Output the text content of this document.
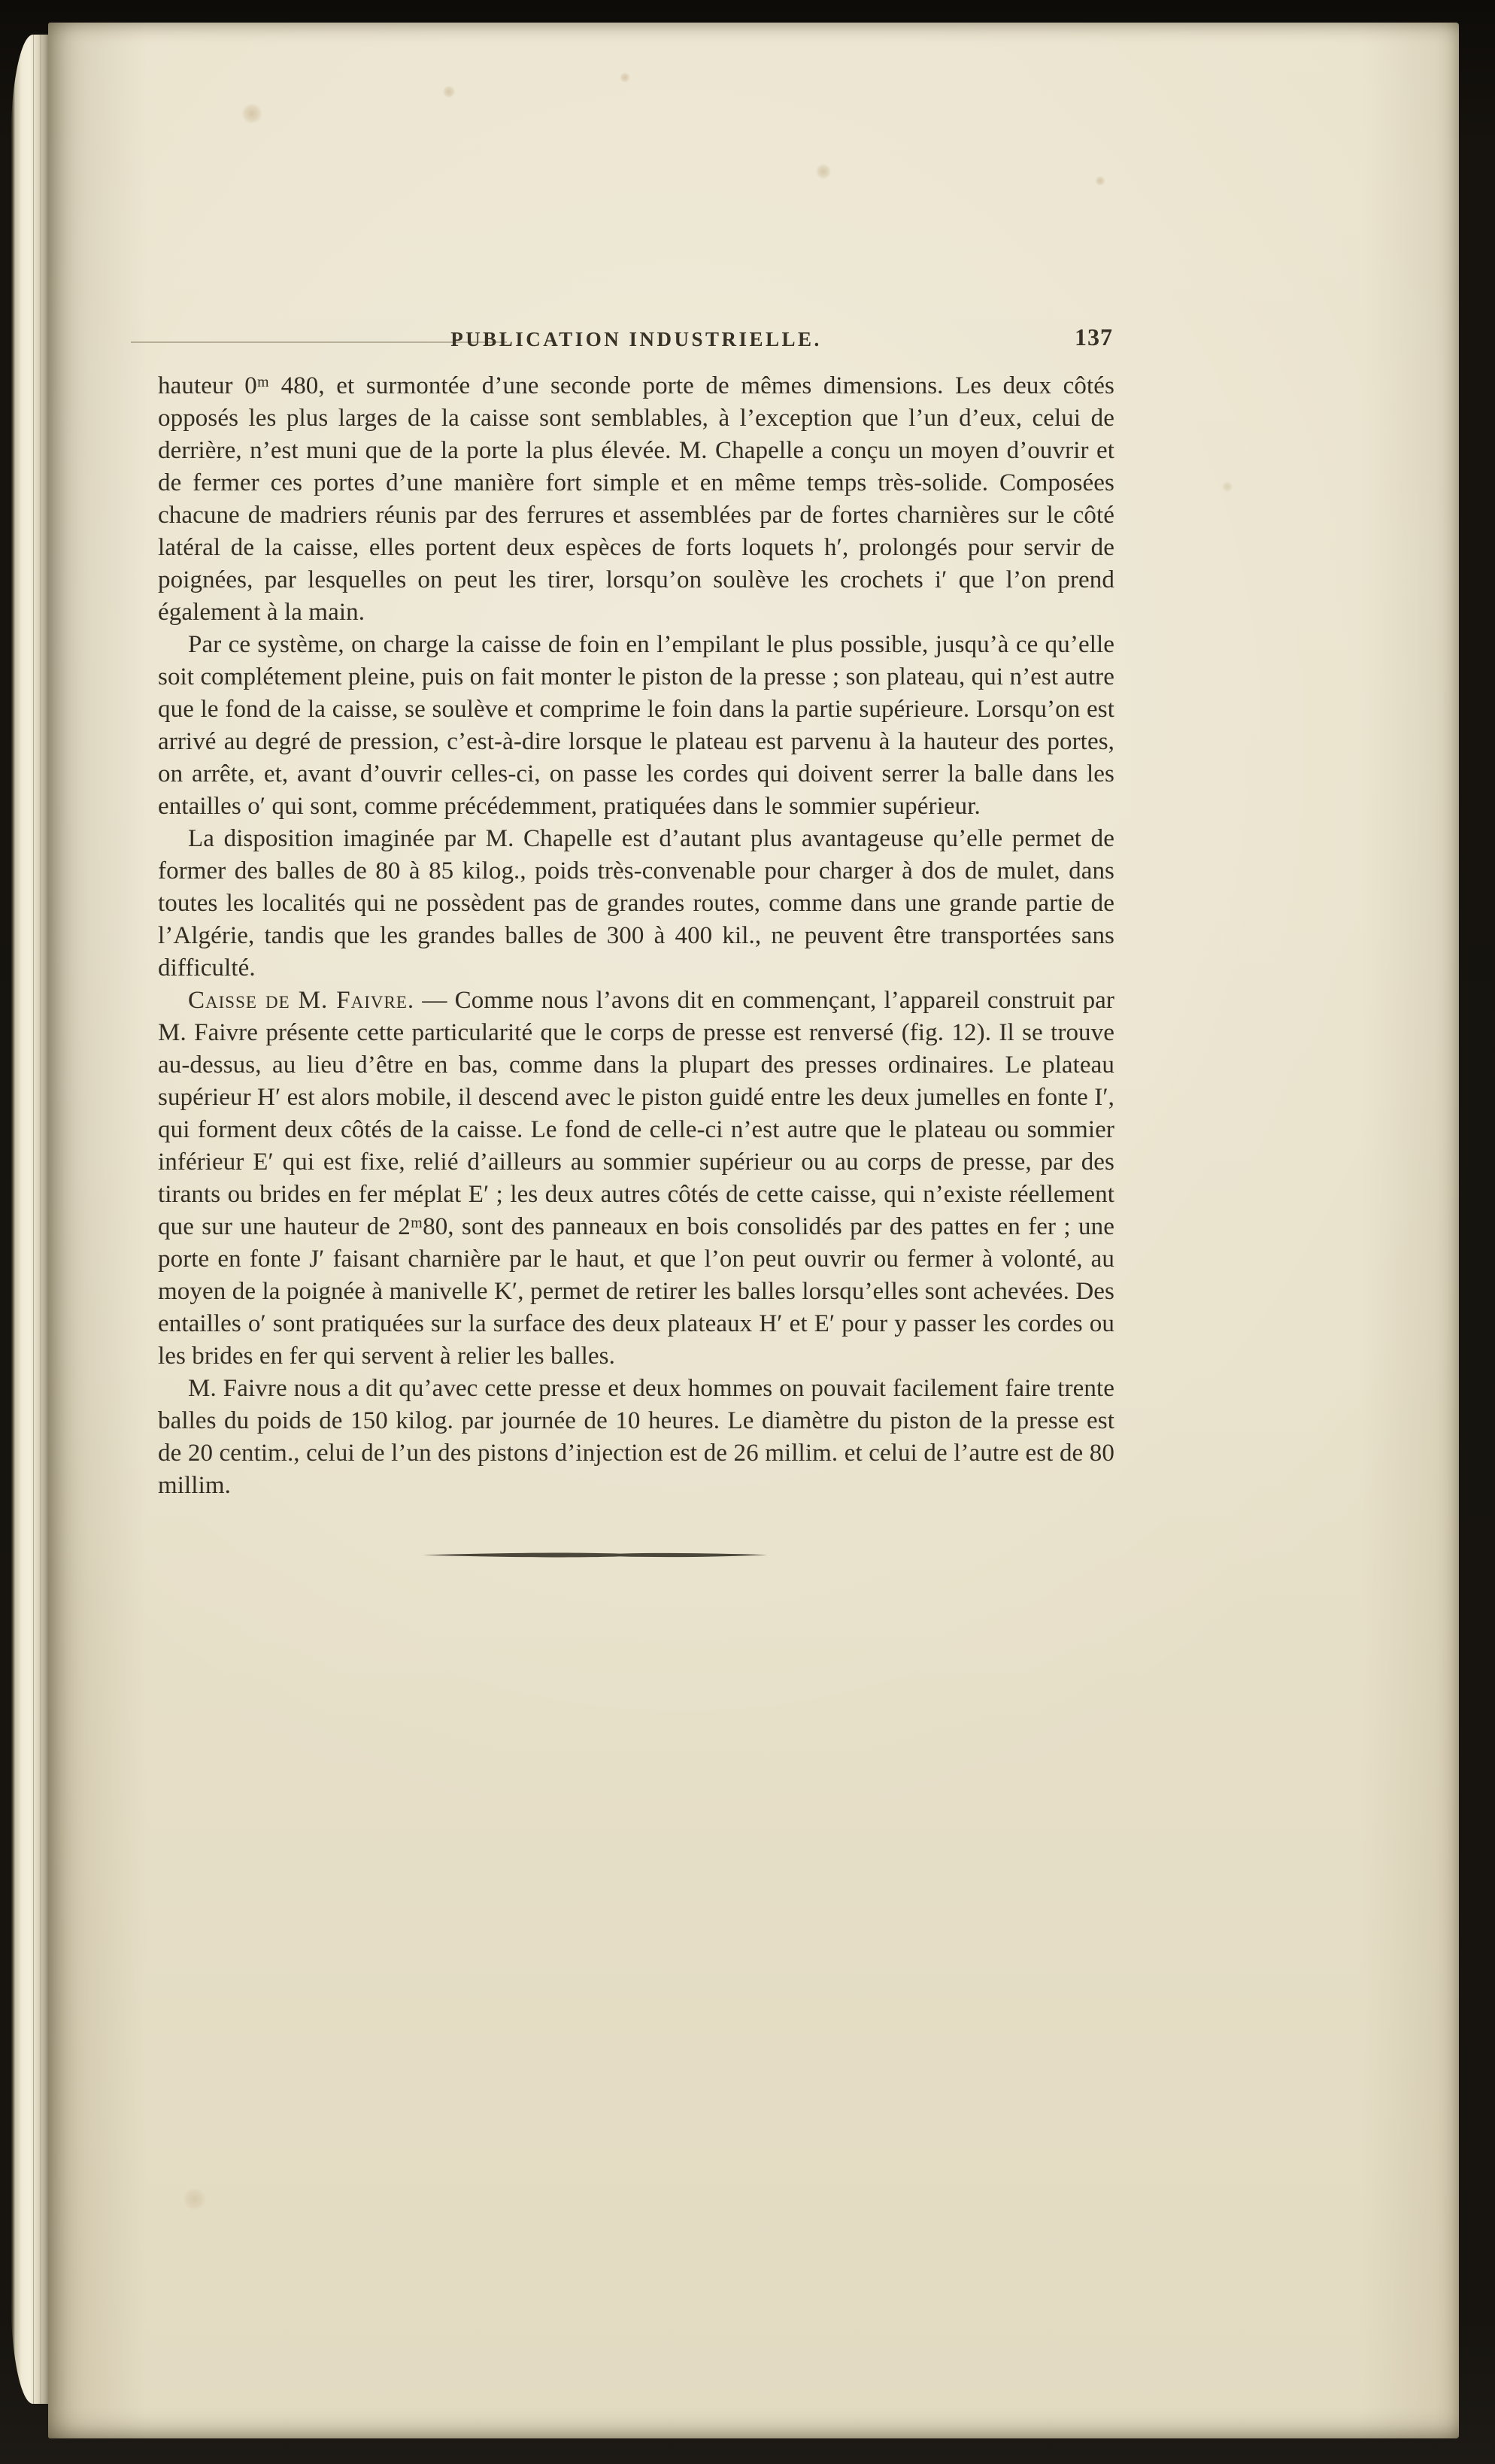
PUBLICATION INDUSTRIELLE.	137

hauteur 0ᵐ 480, et surmontée d’une seconde porte de mêmes dimensions. Les deux côtés opposés les plus larges de la caisse sont semblables, à l’exception que l’un d’eux, celui de derrière, n’est muni que de la porte la plus élevée. M. Chapelle a conçu un moyen d’ouvrir et de fermer ces portes d’une manière fort simple et en même temps très-solide. Composées chacune de madriers réunis par des ferrures et assemblées par de fortes charnières sur le côté latéral de la caisse, elles portent deux espèces de forts loquets h′, prolongés pour servir de poignées, par lesquelles on peut les tirer, lorsqu’on soulève les crochets i′ que l’on prend également à la main.

Par ce système, on charge la caisse de foin en l’empilant le plus possible, jusqu’à ce qu’elle soit complétement pleine, puis on fait monter le piston de la presse ; son plateau, qui n’est autre que le fond de la caisse, se soulève et comprime le foin dans la partie supérieure. Lorsqu’on est arrivé au degré de pression, c’est-à-dire lorsque le plateau est parvenu à la hauteur des portes, on arrête, et, avant d’ouvrir celles-ci, on passe les cordes qui doivent serrer la balle dans les entailles o′ qui sont, comme précédemment, pratiquées dans le sommier supérieur.

La disposition imaginée par M. Chapelle est d’autant plus avantageuse qu’elle permet de former des balles de 80 à 85 kilog., poids très-convenable pour charger à dos de mulet, dans toutes les localités qui ne possèdent pas de grandes routes, comme dans une grande partie de l’Algérie, tandis que les grandes balles de 300 à 400 kil., ne peuvent être transportées sans difficulté.

Caisse de M. Faivre. — Comme nous l’avons dit en commençant, l’appareil construit par M. Faivre présente cette particularité que le corps de presse est renversé (fig. 12). Il se trouve au-dessus, au lieu d’être en bas, comme dans la plupart des presses ordinaires. Le plateau supérieur H′ est alors mobile, il descend avec le piston guidé entre les deux jumelles en fonte I′, qui forment deux côtés de la caisse. Le fond de celle-ci n’est autre que le plateau ou sommier inférieur E′ qui est fixe, relié d’ailleurs au sommier supérieur ou au corps de presse, par des tirants ou brides en fer méplat E′ ; les deux autres côtés de cette caisse, qui n’existe réellement que sur une hauteur de 2ᵐ80, sont des panneaux en bois consolidés par des pattes en fer ; une porte en fonte J′ faisant charnière par le haut, et que l’on peut ouvrir ou fermer à volonté, au moyen de la poignée à manivelle K′, permet de retirer les balles lorsqu’elles sont achevées. Des entailles o′ sont pratiquées sur la surface des deux plateaux H′ et E′ pour y passer les cordes ou les brides en fer qui servent à relier les balles.

M. Faivre nous a dit qu’avec cette presse et deux hommes on pouvait facilement faire trente balles du poids de 150 kilog. par journée de 10 heures. Le diamètre du piston de la presse est de 20 centim., celui de l’un des pistons d’injection est de 26 millim. et celui de l’autre est de 80 millim.
